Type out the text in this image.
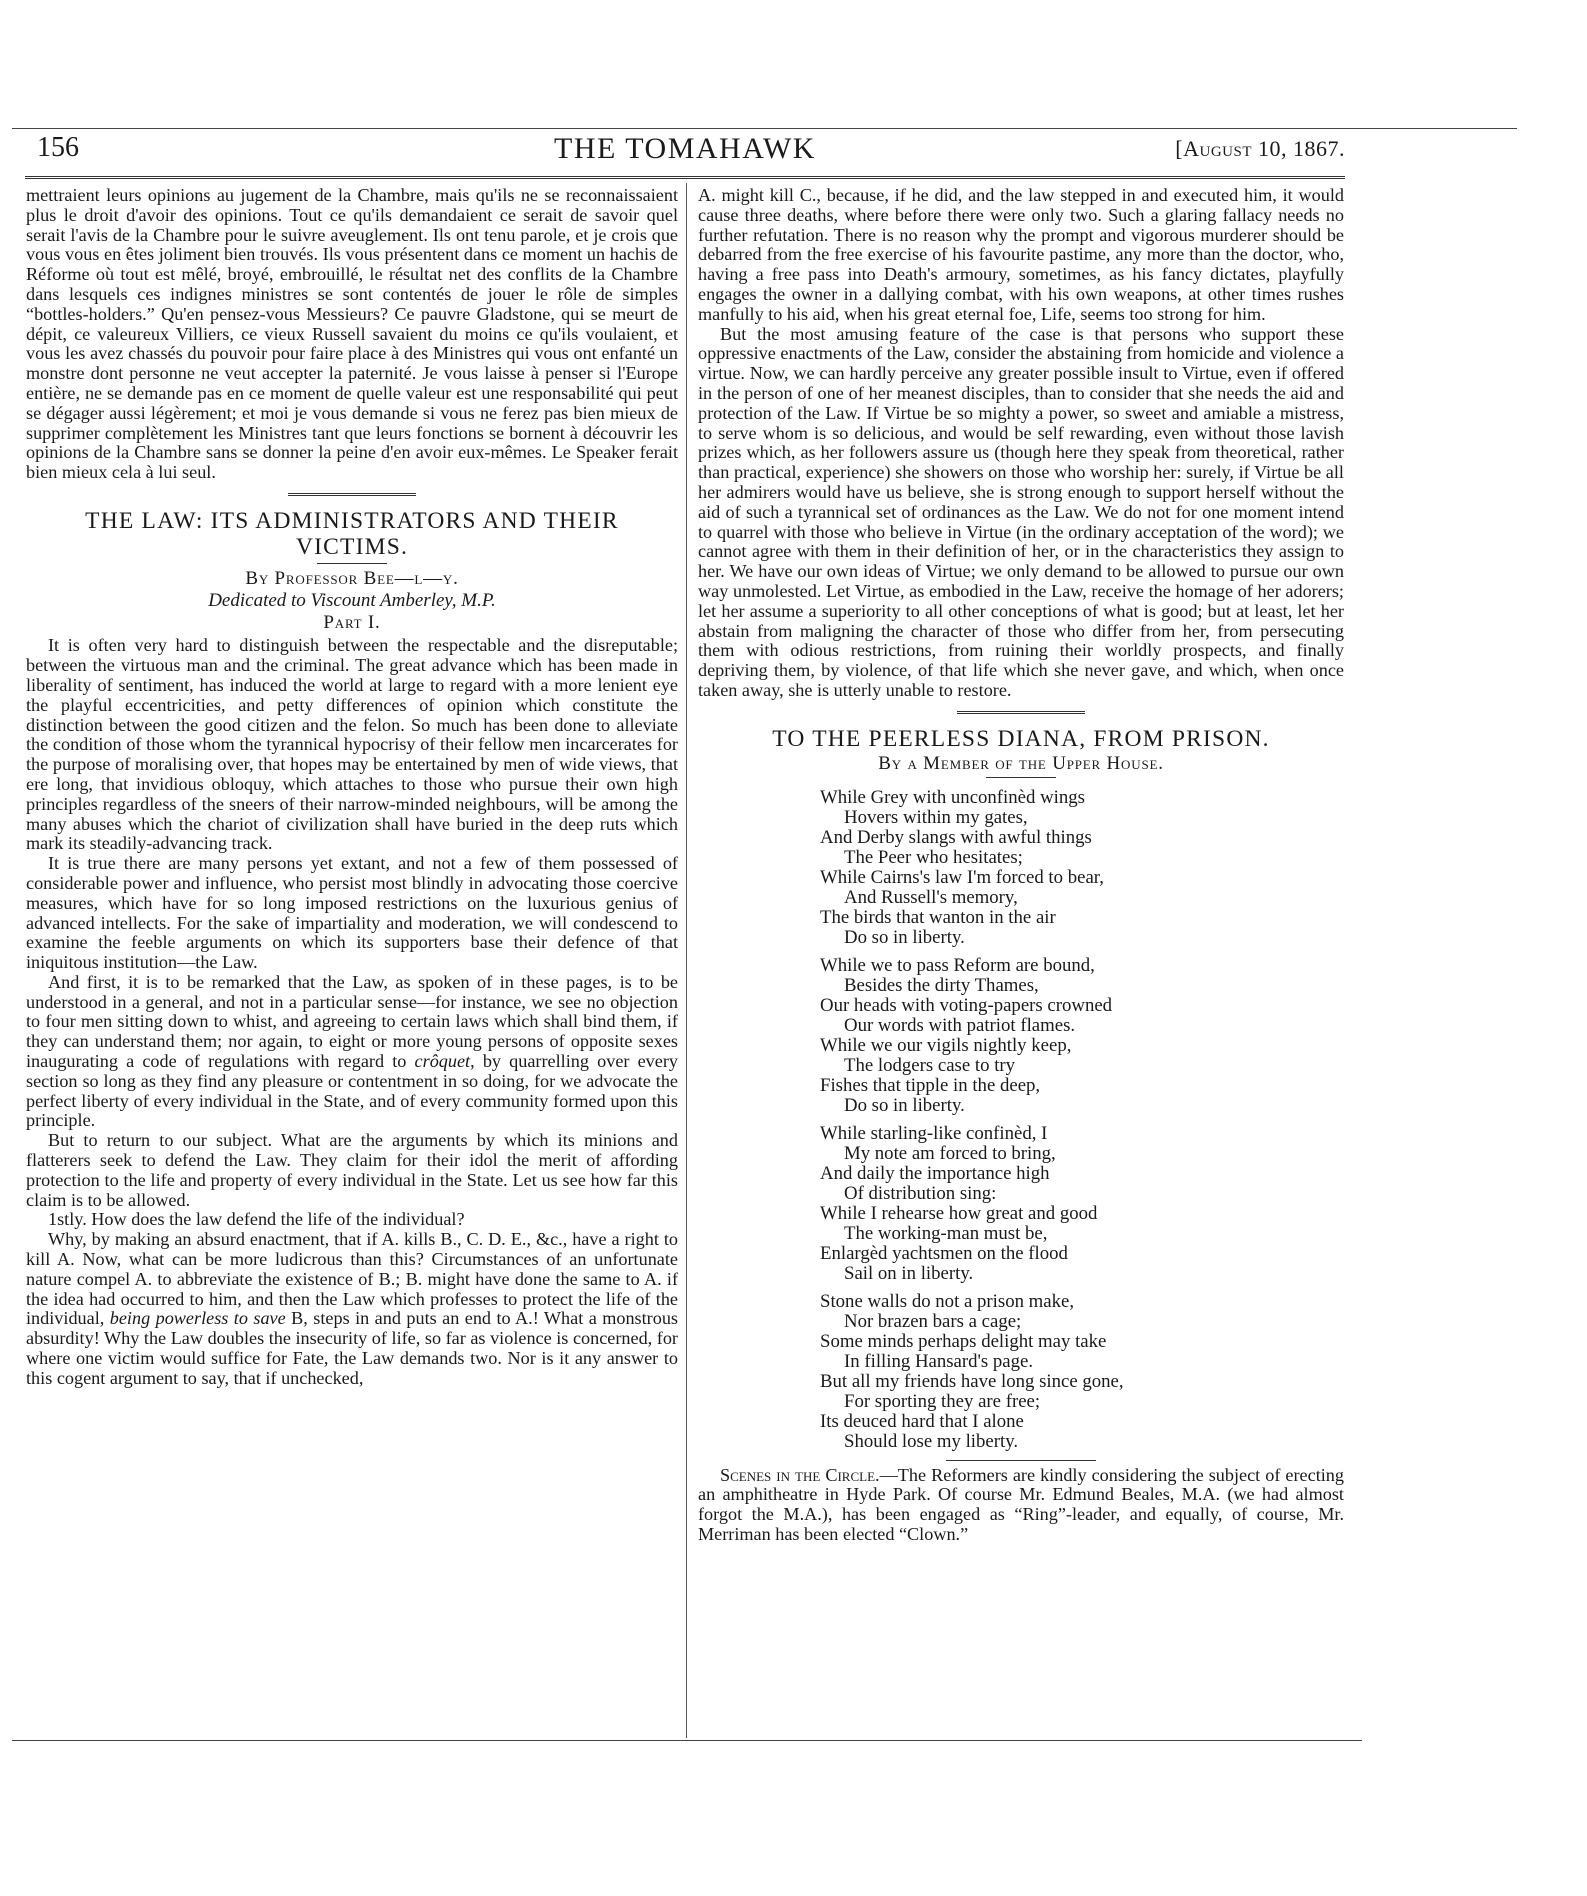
156	THE TOMAHAWK	[August 10, 1867.

mettraient leurs opinions au jugement de la Chambre, mais qu'ils ne se reconnaissaient plus le droit d'avoir des opinions. Tout ce qu'ils demandaient ce serait de savoir quel serait l'avis de la Chambre pour le suivre aveuglement. Ils ont tenu parole, et je crois que vous vous en êtes joliment bien trouvés. Ils vous présentent dans ce moment un hachis de Réforme où tout est mêlé, broyé, embrouillé, le résultat net des conflits de la Chambre dans lesquels ces indignes ministres se sont contentés de jouer le rôle de simples “bottles-holders.” Qu'en pensez-vous Messieurs? Ce pauvre Gladstone, qui se meurt de dépit, ce valeureux Villiers, ce vieux Russell savaient du moins ce qu'ils voulaient, et vous les avez chassés du pouvoir pour faire place à des Ministres qui vous ont enfanté un monstre dont personne ne veut accepter la paternité. Je vous laisse à penser si l'Europe entière, ne se demande pas en ce moment de quelle valeur est une responsabilité qui peut se dégager aussi légèrement; et moi je vous demande si vous ne ferez pas bien mieux de supprimer complètement les Ministres tant que leurs fonctions se bornent à découvrir les opinions de la Chambre sans se donner la peine d'en avoir eux-mêmes. Le Speaker ferait bien mieux cela à lui seul.

THE LAW: ITS ADMINISTRATORS AND THEIR VICTIMS.
By Professor Bee—l—y.
Dedicated to Viscount Amberley, M.P.
Part I.

It is often very hard to distinguish between the respectable and the disreputable; between the virtuous man and the criminal. The great advance which has been made in liberality of sentiment, has induced the world at large to regard with a more lenient eye the playful eccentricities, and petty differences of opinion which constitute the distinction between the good citizen and the felon. So much has been done to alleviate the condition of those whom the tyrannical hypocrisy of their fellow men incarcerates for the purpose of moralising over, that hopes may be entertained by men of wide views, that ere long, that invidious obloquy, which attaches to those who pursue their own high principles regardless of the sneers of their narrow-minded neighbours, will be among the many abuses which the chariot of civilization shall have buried in the deep ruts which mark its steadily-advancing track.

It is true there are many persons yet extant, and not a few of them possessed of considerable power and influence, who persist most blindly in advocating those coercive measures, which have for so long imposed restrictions on the luxurious genius of advanced intellects. For the sake of impartiality and moderation, we will condescend to examine the feeble arguments on which its supporters base their defence of that iniquitous institution—the Law.

And first, it is to be remarked that the Law, as spoken of in these pages, is to be understood in a general, and not in a particular sense—for instance, we see no objection to four men sitting down to whist, and agreeing to certain laws which shall bind them, if they can understand them; nor again, to eight or more young persons of opposite sexes inaugurating a code of regulations with regard to crôquet, by quarrelling over every section so long as they find any pleasure or contentment in so doing, for we advocate the perfect liberty of every individual in the State, and of every community formed upon this principle.

But to return to our subject. What are the arguments by which its minions and flatterers seek to defend the Law. They claim for their idol the merit of affording protection to the life and property of every individual in the State. Let us see how far this claim is to be allowed.

1stly. How does the law defend the life of the individual?

Why, by making an absurd enactment, that if A. kills B., C. D. E., &c., have a right to kill A. Now, what can be more ludicrous than this? Circumstances of an unfortunate nature compel A. to abbreviate the existence of B.; B. might have done the same to A. if the idea had occurred to him, and then the Law which professes to protect the life of the individual, being powerless to save B, steps in and puts an end to A.! What a monstrous absurdity! Why the Law doubles the insecurity of life, so far as violence is concerned, for where one victim would suffice for Fate, the Law demands two. Nor is it any answer to this cogent argument to say, that if unchecked,

A. might kill C., because, if he did, and the law stepped in and executed him, it would cause three deaths, where before there were only two. Such a glaring fallacy needs no further refutation. There is no reason why the prompt and vigorous murderer should be debarred from the free exercise of his favourite pastime, any more than the doctor, who, having a free pass into Death's armoury, sometimes, as his fancy dictates, playfully engages the owner in a dallying combat, with his own weapons, at other times rushes manfully to his aid, when his great eternal foe, Life, seems too strong for him.

But the most amusing feature of the case is that persons who support these oppressive enactments of the Law, consider the abstaining from homicide and violence a virtue. Now, we can hardly perceive any greater possible insult to Virtue, even if offered in the person of one of her meanest disciples, than to consider that she needs the aid and protection of the Law. If Virtue be so mighty a power, so sweet and amiable a mistress, to serve whom is so delicious, and would be self rewarding, even without those lavish prizes which, as her followers assure us (though here they speak from theoretical, rather than practical, experience) she showers on those who worship her: surely, if Virtue be all her admirers would have us believe, she is strong enough to support herself without the aid of such a tyrannical set of ordinances as the Law. We do not for one moment intend to quarrel with those who believe in Virtue (in the ordinary acceptation of the word); we cannot agree with them in their definition of her, or in the characteristics they assign to her. We have our own ideas of Virtue; we only demand to be allowed to pursue our own way unmolested. Let Virtue, as embodied in the Law, receive the homage of her adorers; let her assume a superiority to all other conceptions of what is good; but at least, let her abstain from maligning the character of those who differ from her, from persecuting them with odious restrictions, from ruining their worldly prospects, and finally depriving them, by violence, of that life which she never gave, and which, when once taken away, she is utterly unable to restore.

TO THE PEERLESS DIANA, FROM PRISON.
By a Member of the Upper House.
While Grey with unconfinèd wings
Hovers within my gates,
And Derby slangs with awful things
The Peer who hesitates;
While Cairns's law I'm forced to bear,
And Russell's memory,
The birds that wanton in the air
Do so in liberty.
While we to pass Reform are bound,
Besides the dirty Thames,
Our heads with voting-papers crowned
Our words with patriot flames.
While we our vigils nightly keep,
The lodgers case to try
Fishes that tipple in the deep,
Do so in liberty.
While starling-like confinèd, I
My note am forced to bring,
And daily the importance high
Of distribution sing:
While I rehearse how great and good
The working-man must be,
Enlargèd yachtsmen on the flood
Sail on in liberty.
Stone walls do not a prison make,
Nor brazen bars a cage;
Some minds perhaps delight may take
In filling Hansard's page.
But all my friends have long since gone,
For sporting they are free;
Its deuced hard that I alone
Should lose my liberty.

Scenes in the Circle.—The Reformers are kindly considering the subject of erecting an amphitheatre in Hyde Park. Of course Mr. Edmund Beales, M.A. (we had almost forgot the M.A.), has been engaged as “Ring”-leader, and equally, of course, Mr. Merriman has been elected “Clown.”
